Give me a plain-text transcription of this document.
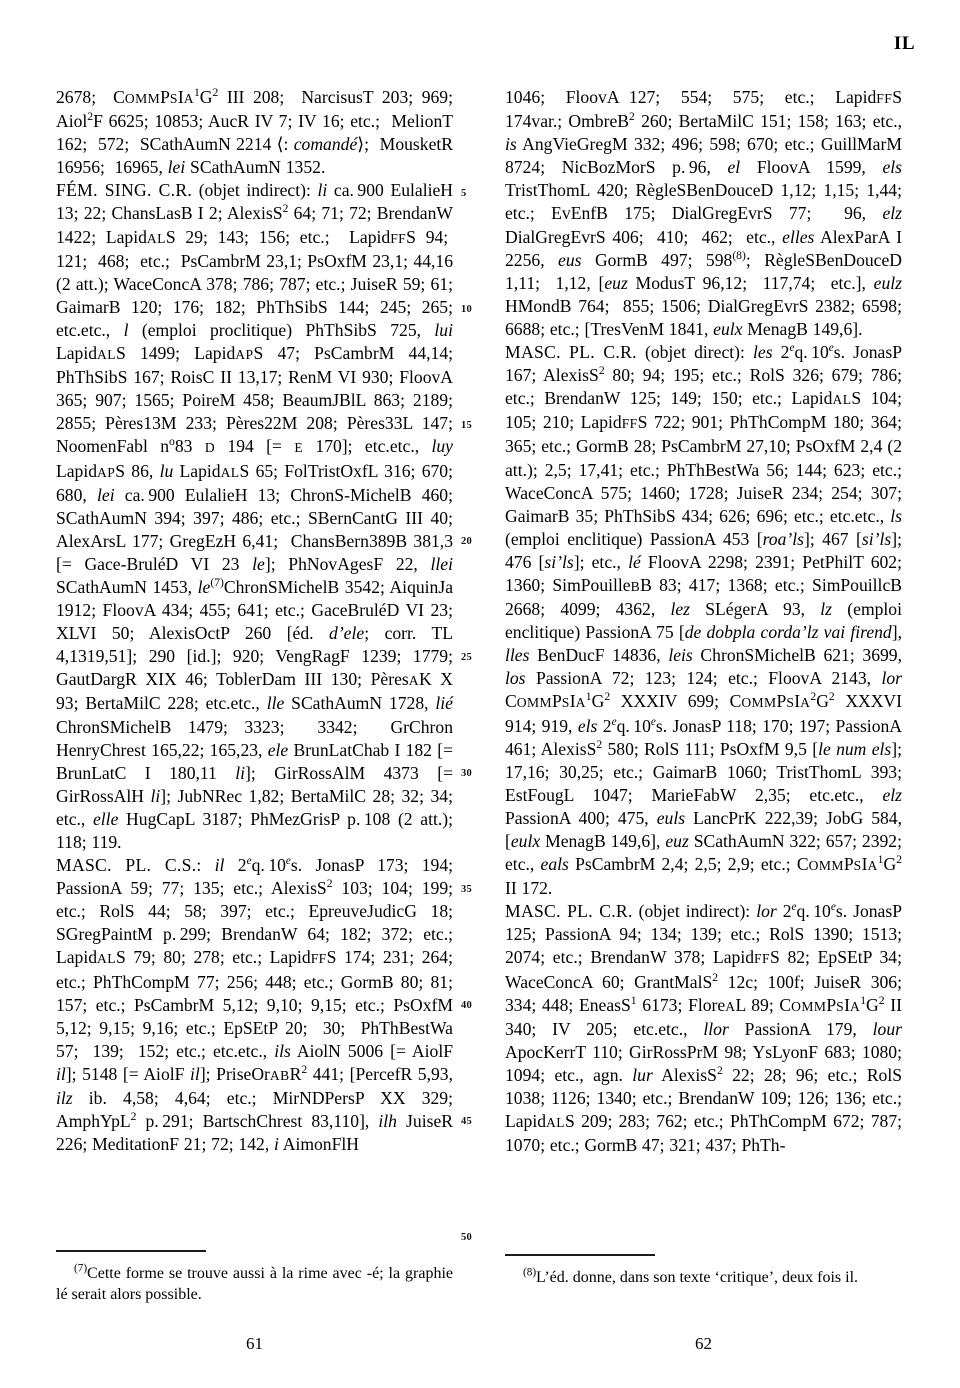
IL
2678;  $COMMPSIA^1G^2$ III 208;  NarcisusT 203; 969; Aiol$^2$F 6625; 10853; AucR IV 7; IV 16; etc.;  MelionT 162;  572;  SCathAumN 2214 ⟨: comandé⟩;  MousketR 16956;  16965, lei SCathAumN 1352.
FÉM. SING. C.R. (objet indirect): li ca. 900 EulalieH 13; 22; ChansLasB I 2; AlexisS$^2$ 64; 71; 72; BrendanW 1422; LapidALS 29; 143; 156; etc.;  LapidFFS 94;  121;  468;  etc.;  PsCambrM 23,1; PsOxfM 23,1; 44,16 (2 att.); WaceConcA 378; 786; 787; etc.; JuiseR 59; 61; GaimarB 120; 176; 182; PhThSibS 144; 245; 265; etc.etc., l (emploi proclitique) PhThSibS 725, lui LapidALS 1499; LapidAPS 47; PsCambrM 44,14; PhThSibS 167; RoisC II 13,17; RenM VI 930; FloovA 365; 907; 1565; PoireM 458; BeaumJBlL 863; 2189; 2855; Pères13M 233; Pères22M 208; Pères33L 147; NoomenFabl $n^o83$ D 194 [= E 170]; etc.etc., luy LapidAPS 86, lu LapidALS 65; FolTristOxfL 316; 670; 680, lei ca. 900 EulalieH 13; ChronS-MichelB 460; SCathAumN 394; 397; 486; etc.; SBernCantG III 40; AlexArsL 177; GregEzH 6,41;  ChansBern389B 381,3 [= Gace-BruléD VI 23 le]; PhNovAgesF 22, llei SCathAumN 1453, $le^{(7)}ChronSMichelB$ 3542; AiquinJa 1912; FloovA 434; 455; 641; etc.; GaceBruléD VI 23; XLVI 50; AlexisOctP 260 [éd. d’ele; corr. TL 4,1319,51]; 290 [id.]; 920; VengRagF 1239; 1779; GautDargR XIX 46; ToblerDam III 130; PèresAK X 93; BertaMilC 228; etc.etc., lle SCathAumN 1728, lié ChronSMichelB 1479; 3323;  3342;  GrChron HenryChrest 165,22; 165,23, ele BrunLatChab I 182 [= BrunLatC I 180,11 li]; GirRossAlM 4373 [= GirRossAlH li]; JubNRec 1,82; BertaMilC 28; 32; 34; etc., elle HugCapL 3187; PhMezGrisP p. 108 (2 att.); 118; 119.
MASC. PL. C.S.: il 2eq. 10es. JonasP 173; 194; PassionA 59; 77; 135; etc.; AlexisS$^2$ 103; 104; 199; etc.; RolS 44; 58; 397; etc.; EpreuveJudicG 18; SGregPaintM p. 299; BrendanW 64; 182; 372; etc.; LapidALS 79; 80; 278; etc.; LapidFFS 174; 231; 264; etc.; PhThCompM 77; 256; 448; etc.; GormB 80; 81; 157; etc.; PsCambrM 5,12; 9,10; 9,15; etc.; PsOxfM 5,12; 9,15; 9,16; etc.; EpSEtP 20;  30;  PhThBestWa 57;  139;  152; etc.; etc.etc., ils AiolN 5006 [= AiolF il]; 5148 [= AiolF il]; PriseOrABR$^2$ 441; [PercefR 5,93, ilz ib. 4,58; 4,64; etc.; MirNDPersP XX 329; AmphYpL$^2$ p. 291; BartschChrest 83,110], ilh JuiseR 226; MeditationF 21; 72; 142, i AimonFlH
1046;  FloovA 127;  554;  575;  etc.;  LapidFFS 174var.; OmbreB$^2$ 260; BertaMilC 151; 158; 163; etc., is AngVieGregM 332; 496; 598; 670; etc.; GuillMarM 8724; NicBozMorS p. 96, el FloovA 1599, els TristThomL 420; RègleSBenDouceD 1,12; 1,15; 1,44; etc.; EvEnfB 175; DialGregEvrS 77;  96, elz DialGregEvrS 406;  410;  462;  etc., elles AlexParA I 2256, eus GormB 497; 598$^{(8)}$; RègleSBenDouceD 1,11;  1,12, [euz ModusT 96,12;  117,74;  etc.], eulz HMondB 764;  855; 1506; DialGregEvrS 2382; 6598; 6688; etc.; [TresVenM 1841, eulx MenagB 149,6].
MASC. PL. C.R. (objet direct): les 2eq. 10es. JonasP 167; AlexisS$^2$ 80; 94; 195; etc.; RolS 326; 679; 786; etc.; BrendanW 125; 149; 150; etc.; LapidALS 104; 105; 210; LapidFFS 722; 901; PhThCompM 180; 364; 365; etc.; GormB 28; PsCambrM 27,10; PsOxfM 2,4 (2 att.); 2,5; 17,41; etc.; PhThBestWa 56; 144; 623; etc.; WaceConcA 575; 1460; 1728; JuiseR 234; 254; 307; GaimarB 35; PhThSibS 434; 626; 696; etc.; etc.etc., ls (emploi enclitique) PassionA 453 [roa’ls]; 467 [si’ls]; 476 [si’ls]; etc., lé FloovA 2298; 2391; PetPhilT 602; 1360; SimPouilleBB 83; 417; 1368; etc.; SimPouillcB 2668; 4099; 4362, lez SLégerA 93, lz (emploi enclitique) PassionA 75 [de dobpla corda’lz vai firend], lles BenDucF 14836, leis ChronSMichelB 621; 3699, los PassionA 72; 123; 124; etc.; FloovA 2143, lor $COMMPSIA^1G^2$ XXXIV 699; $COMMPSIA^2G^2$ XXXVI 914; 919, els 2eq. 10es. JonasP 118; 170; 197; PassionA 461; AlexisS$^2$ 580; RolS 111; PsOxfM 9,5 [le num els]; 17,16; 30,25; etc.; GaimarB 1060; TristThomL 393; EstFougL 1047; MarieFabW 2,35; etc.etc., elz PassionA 400; 475, euls LancPrK 222,39; JobG 584, [eulx MenagB 149,6], euz SCathAumN 322; 657; 2392; etc., eals PsCambrM 2,4; 2,5; 2,9; etc.; $COMMPSIA^1G^2$ II 172.
MASC. PL. C.R. (objet indirect): lor 2eq. 10es. JonasP 125; PassionA 94; 134; 139; etc.; RolS 1390; 1513; 2074; etc.; BrendanW 378; LapidFFS 82; EpSEtP 34; WaceConcA 60; GrantMalS$^2$ 12c; 100f; JuiseR 306; 334; 448; EneasS$^1$ 6173; FloreAL 89; $COMMPSIA^1G^2$ II 340; IV 205; etc.etc., llor PassionA 179, lour ApocKerrT 110; GirRossPrM 98; YsLyonF 683; 1080; 1094; etc., agn. lur AlexisS$^2$ 22; 28; 96; etc.; RolS 1038; 1126; 1340; etc.; BrendanW 109; 126; 136; etc.; LapidALS 209; 283; 762; etc.; PhThCompM 672; 787; 1070; etc.; GormB 47; 321; 437; PhTh-
5
10
15
20
25
30
35
40
45
50
$^{(7)}$Cette forme se trouve aussi à la rime avec -é; la graphie lé serait alors possible.
$^{(8)}$L’éd. donne, dans son texte ‘critique’, deux fois il.
61	62
